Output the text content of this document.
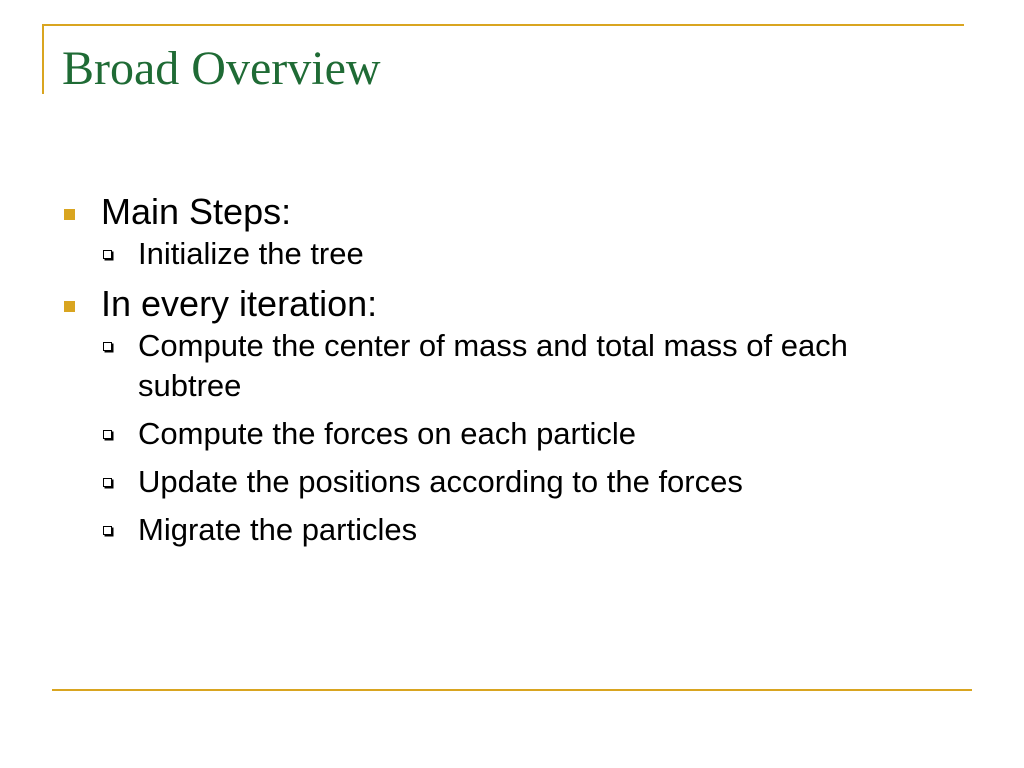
Broad Overview
Main Steps:
Initialize the tree
In every iteration:
Compute the center of mass and total mass of each subtree
Compute the forces on each particle
Update the positions according to the forces
Migrate the particles
